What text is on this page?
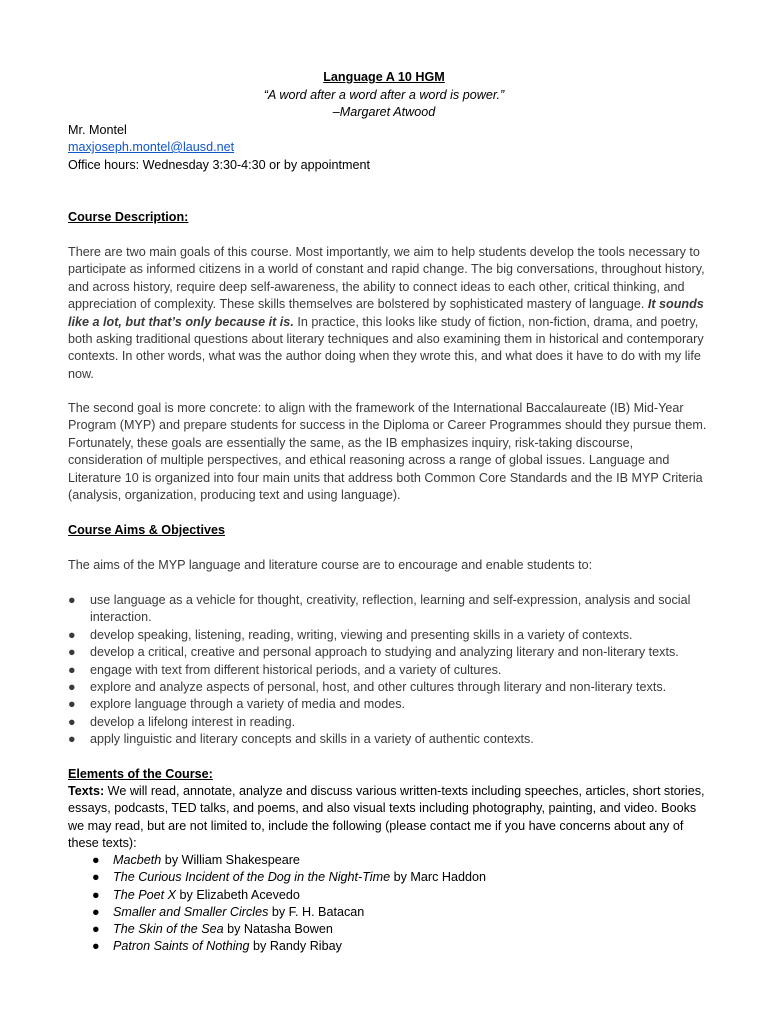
Language A 10 HGM
“A word after a word after a word is power.”
–Margaret Atwood
Mr. Montel
maxjoseph.montel@lausd.net
Office hours: Wednesday 3:30-4:30 or by appointment
Course Description:
There are two main goals of this course. Most importantly, we aim to help students develop the tools necessary to participate as informed citizens in a world of constant and rapid change. The big conversations, throughout history, and across history, require deep self-awareness, the ability to connect ideas to each other, critical thinking, and appreciation of complexity. These skills themselves are bolstered by sophisticated mastery of language. It sounds like a lot, but that’s only because it is. In practice, this looks like study of fiction, non-fiction, drama, and poetry, both asking traditional questions about literary techniques and also examining them in historical and contemporary contexts. In other words, what was the author doing when they wrote this, and what does it have to do with my life now.
The second goal is more concrete: to align with the framework of the International Baccalaureate (IB) Mid-Year Program (MYP) and prepare students for success in the Diploma or Career Programmes should they pursue them. Fortunately, these goals are essentially the same, as the IB emphasizes inquiry, risk-taking discourse, consideration of multiple perspectives, and ethical reasoning across a range of global issues. Language and Literature 10 is organized into four main units that address both Common Core Standards and the IB MYP Criteria (analysis, organization, producing text and using language).
Course Aims & Objectives
The aims of the MYP language and literature course are to encourage and enable students to:
● use language as a vehicle for thought, creativity, reflection, learning and self-expression, analysis and social interaction.
● develop speaking, listening, reading, writing, viewing and presenting skills in a variety of contexts.
● develop a critical, creative and personal approach to studying and analyzing literary and non-literary texts.
● engage with text from different historical periods, and a variety of cultures.
● explore and analyze aspects of personal, host, and other cultures through literary and non-literary texts.
● explore language through a variety of media and modes.
● develop a lifelong interest in reading.
● apply linguistic and literary concepts and skills in a variety of authentic contexts.
Elements of the Course:
Texts: We will read, annotate, analyze and discuss various written-texts including speeches, articles, short stories, essays, podcasts, TED talks, and poems, and also visual texts including photography, painting, and video. Books we may read, but are not limited to, include the following (please contact me if you have concerns about any of these texts):
● Macbeth by William Shakespeare
● The Curious Incident of the Dog in the Night-Time by Marc Haddon
● The Poet X by Elizabeth Acevedo
● Smaller and Smaller Circles by F. H. Batacan
● The Skin of the Sea by Natasha Bowen
● Patron Saints of Nothing by Randy Ribay
